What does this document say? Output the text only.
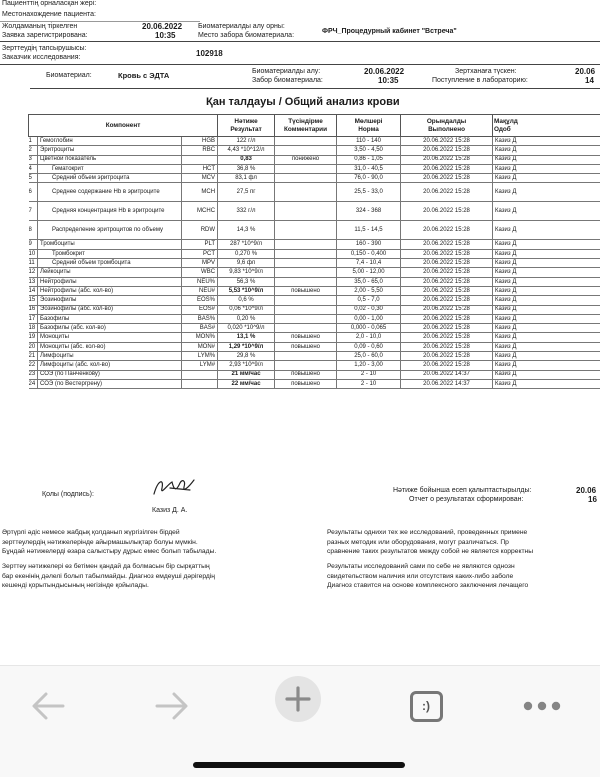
Пациенттің орналасқан жері:
Местонахождение пациента:
Жолдаманың тіркелген
Заявка зарегистрирована:
20.06.2022
10:35
Биоматериалды алу орны:
Место забора биоматериала:
ФРЧ_Процедурный кабинет "Встреча"
Зерттеудің тапсырушысы:
Заказчик исследования:	102918
Биоматериал:	Кровь с ЭДТА	Биоматериалды алу:
Забор биоматериала:
20.06.2022
10:35
Зертханаға түскен:
Поступление в лабораторию:
20.06
14
Қан талдауы / Общий анализ крови
Компонент			Нәтиже
Результат	Түсіндірме
Комментарии	Мөлшері
Норма	Орындалды
Выполнено	Мақұлд
Одоб
1	Гемоглобин	HGB	122 г/л		110 - 140	20.06.2022 15:28	Казиз Д
2	Эритроциты	RBC	4,43 *10^12/л		3,50 - 4,50	20.06.2022 15:28	Казиз Д
3	Цветной показатель		0,83	понижено	0,86 - 1,05	20.06.2022 15:28	Казиз Д
4	Гематокрит	HCT	36,8 %		31,0 - 40,5	20.06.2022 15:28	Казиз Д
5	Средний объем эритроцита	MCV	83,1 фл		76,0 - 90,0	20.06.2022 15:28	Казиз Д
6	Среднее содержание Hb в эритроците	MCH	27,5 пг		25,5 - 33,0	20.06.2022 15:28	Казиз Д
7	Средняя концентрация Hb в эритроците	MCHC	332 г/л		324 - 368	20.06.2022 15:28	Казиз Д
8	Распределение эритроцитов по объему	RDW	14,3 %		11,5 - 14,5	20.06.2022 15:28	Казиз Д
9	Тромбоциты	PLT	287 *10^9/л		160 - 390	20.06.2022 15:28	Казиз Д
10	Тромбокрит	PCT	0,270 %		0,150 - 0,400	20.06.2022 15:28	Казиз Д
11	Средний объем тромбоцита	MPV	9,6 фл		7,4 - 10,4	20.06.2022 15:28	Казиз Д
12	Лейкоциты	WBC	9,83 *10^9/л		5,00 - 12,00	20.06.2022 15:28	Казиз Д
13	Нейтрофилы	NEU%	56,3 %		35,0 - 65,0	20.06.2022 15:28	Казиз Д
14	Нейтрофилы (абс. кол-во)	NEU#	5,53 *10^9/л	повышено	2,00 - 5,50	20.06.2022 15:28	Казиз Д
15	Эозинофилы	EOS%	0,6 %		0,5 - 7,0	20.06.2022 15:28	Казиз Д
16	Эозинофилы (абс. кол-во)	EOS#	0,06 *10^9/л		0,02 - 0,30	20.06.2022 15:28	Казиз Д
17	Базофилы	BAS%	0,20 %		0,00 - 1,00	20.06.2022 15:28	Казиз Д
18	Базофилы (абс. кол-во)	BAS#	0,020 *10^9/л		0,000 - 0,065	20.06.2022 15:28	Казиз Д
19	Моноциты	MON%	13,1 %	повышено	2,0 - 10,0	20.06.2022 15:28	Казиз Д
20	Моноциты (абс. кол-во)	MON#	1,29 *10^9/л	повышено	0,09 - 0,60	20.06.2022 15:28	Казиз Д
21	Лимфоциты	LYM%	29,8 %		25,0 - 60,0	20.06.2022 15:28	Казиз Д
22	Лимфоциты (абс. кол-во)	LYM#	2,93 *10^9/л		1,20 - 3,00	20.06.2022 15:28	Казиз Д
23	СОЭ (по Панченкову)		21 мм/час	повышено	2 - 10	20.06.2022 14:37	Казиз Д
24	СОЭ (по Вестергрену)		22 мм/час	повышено	2 - 10	20.06.2022 14:37	Казиз Д
Қолы (подпись):
Казиз Д. А.
Нәтиже бойынша есеп қалыптастырылды:
Отчет о результатах сформирован:
20.06
16
Әртүрлі әдіс немесе жабдық қолданып жүргізілген бірдей
зерттеулердің нәтижелерінде айырмашылықтар болуы мүмкін.
Бұндай нәтижелерді өзара салыстыру дұрыс емес болып табылады.
Зерттеу нәтижелері өз бетімен қандай да болмасын бір сырқаттың
бар екенінің дәлелі болып табылмайды. Диагноз емдеуші дәрігердің
кешенді қорытындысының негізінде қойылады.
Результаты однихи тех же исследований, проведенных примене
разных методик или оборудования, могут различаться. Пр
сравнение таких результатов между собой не является корректны
Результаты исследований сами по себе не являются однозн
свидетельством наличия или отсутствия каких-либо заболе
Диагноз ставится на основе комплексного заключения лечащего
:)
